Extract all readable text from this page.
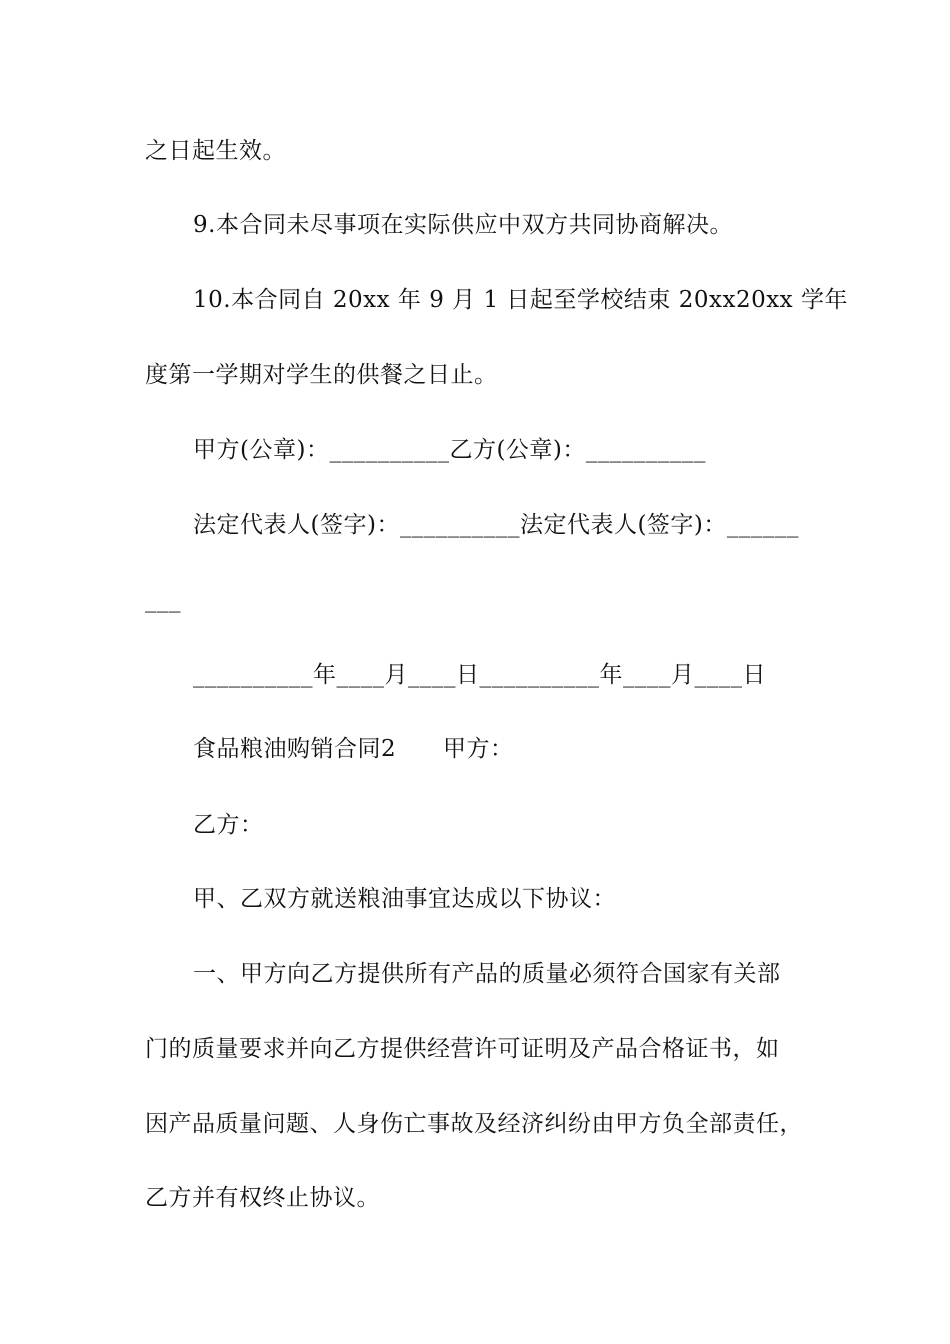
之日起生效。
9.本合同未尽事项在实际供应中双方共同协商解决。
10.本合同自 20xx 年 9 月 1 日起至学校结束 20xx20xx 学年
度第一学期对学生的供餐之日止。
甲方(公章)：__________乙方(公章)：__________
法定代表人(签字)：__________法定代表人(签字)：______
___
__________年____月____日__________年____月____日
食品粮油购销合同2      甲方：
乙方：
甲、乙双方就送粮油事宜达成以下协议：
一、甲方向乙方提供所有产品的质量必须符合国家有关部
门的质量要求并向乙方提供经营许可证明及产品合格证书，如
因产品质量问题、人身伤亡事故及经济纠纷由甲方负全部责任，
乙方并有权终止协议。
